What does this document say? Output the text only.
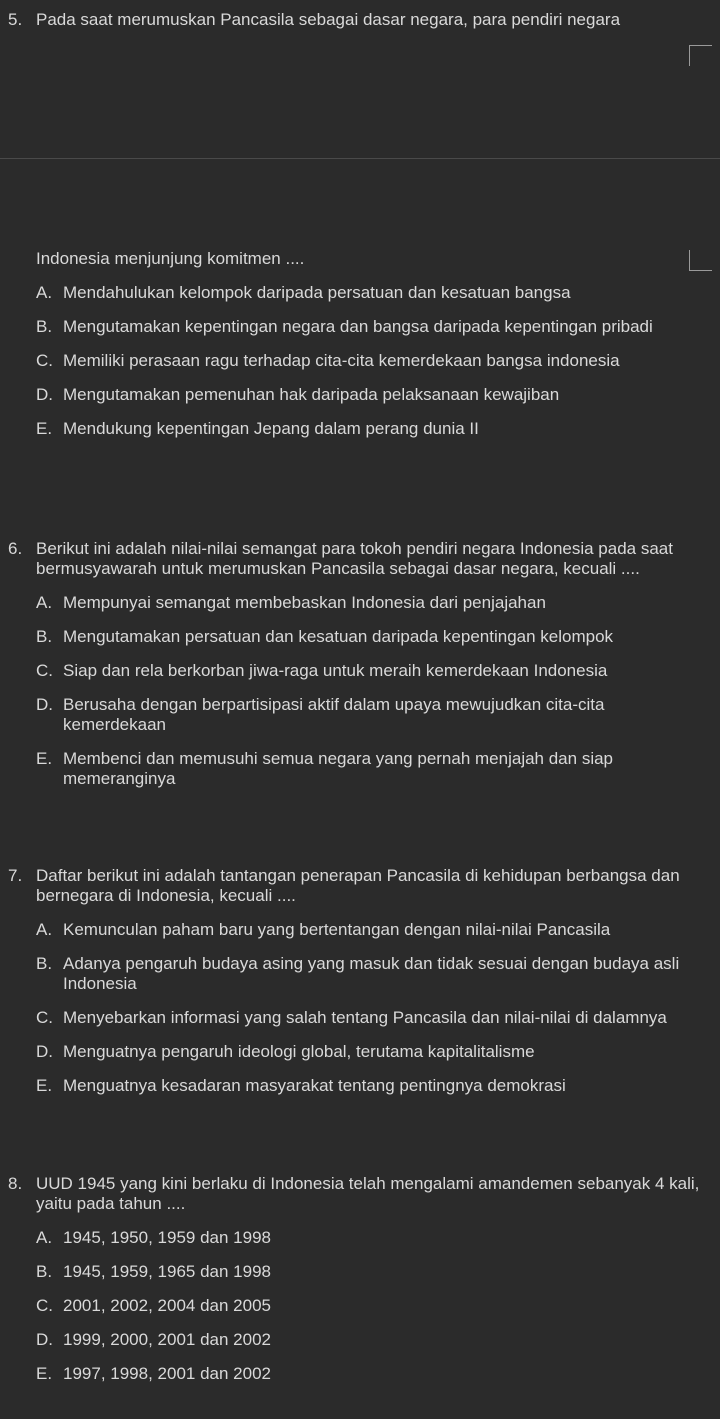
5. Pada saat merumuskan Pancasila sebagai dasar negara, para pendiri negara
Indonesia menjunjung komitmen ....
A. Mendahulukan kelompok daripada persatuan dan kesatuan bangsa
B. Mengutamakan kepentingan negara dan bangsa daripada kepentingan pribadi
C. Memiliki perasaan ragu terhadap cita-cita kemerdekaan bangsa indonesia
D. Mengutamakan pemenuhan hak daripada pelaksanaan kewajiban
E. Mendukung kepentingan Jepang dalam perang dunia II
6. Berikut ini adalah nilai-nilai semangat para tokoh pendiri negara Indonesia pada saat bermusyawarah untuk merumuskan Pancasila sebagai dasar negara, kecuali ....
A. Mempunyai semangat membebaskan Indonesia dari penjajahan
B. Mengutamakan persatuan dan kesatuan daripada kepentingan kelompok
C. Siap dan rela berkorban jiwa-raga untuk meraih kemerdekaan Indonesia
D. Berusaha dengan berpartisipasi aktif dalam upaya mewujudkan cita-cita kemerdekaan
E. Membenci dan memusuhi semua negara yang pernah menjajah dan siap memeranginya
7. Daftar berikut ini adalah tantangan penerapan Pancasila di kehidupan berbangsa dan bernegara di Indonesia, kecuali ....
A. Kemunculan paham baru yang bertentangan dengan nilai-nilai Pancasila
B. Adanya pengaruh budaya asing yang masuk dan tidak sesuai dengan budaya asli Indonesia
C. Menyebarkan informasi yang salah tentang Pancasila dan nilai-nilai di dalamnya
D. Menguatnya pengaruh ideologi global, terutama kapitalitalisme
E. Menguatnya kesadaran masyarakat tentang pentingnya demokrasi
8. UUD 1945 yang kini berlaku di Indonesia telah mengalami amandemen sebanyak 4 kali, yaitu pada tahun ....
A. 1945, 1950, 1959 dan 1998
B. 1945, 1959, 1965 dan 1998
C. 2001, 2002, 2004 dan 2005
D. 1999, 2000, 2001 dan 2002
E. 1997, 1998, 2001 dan 2002
